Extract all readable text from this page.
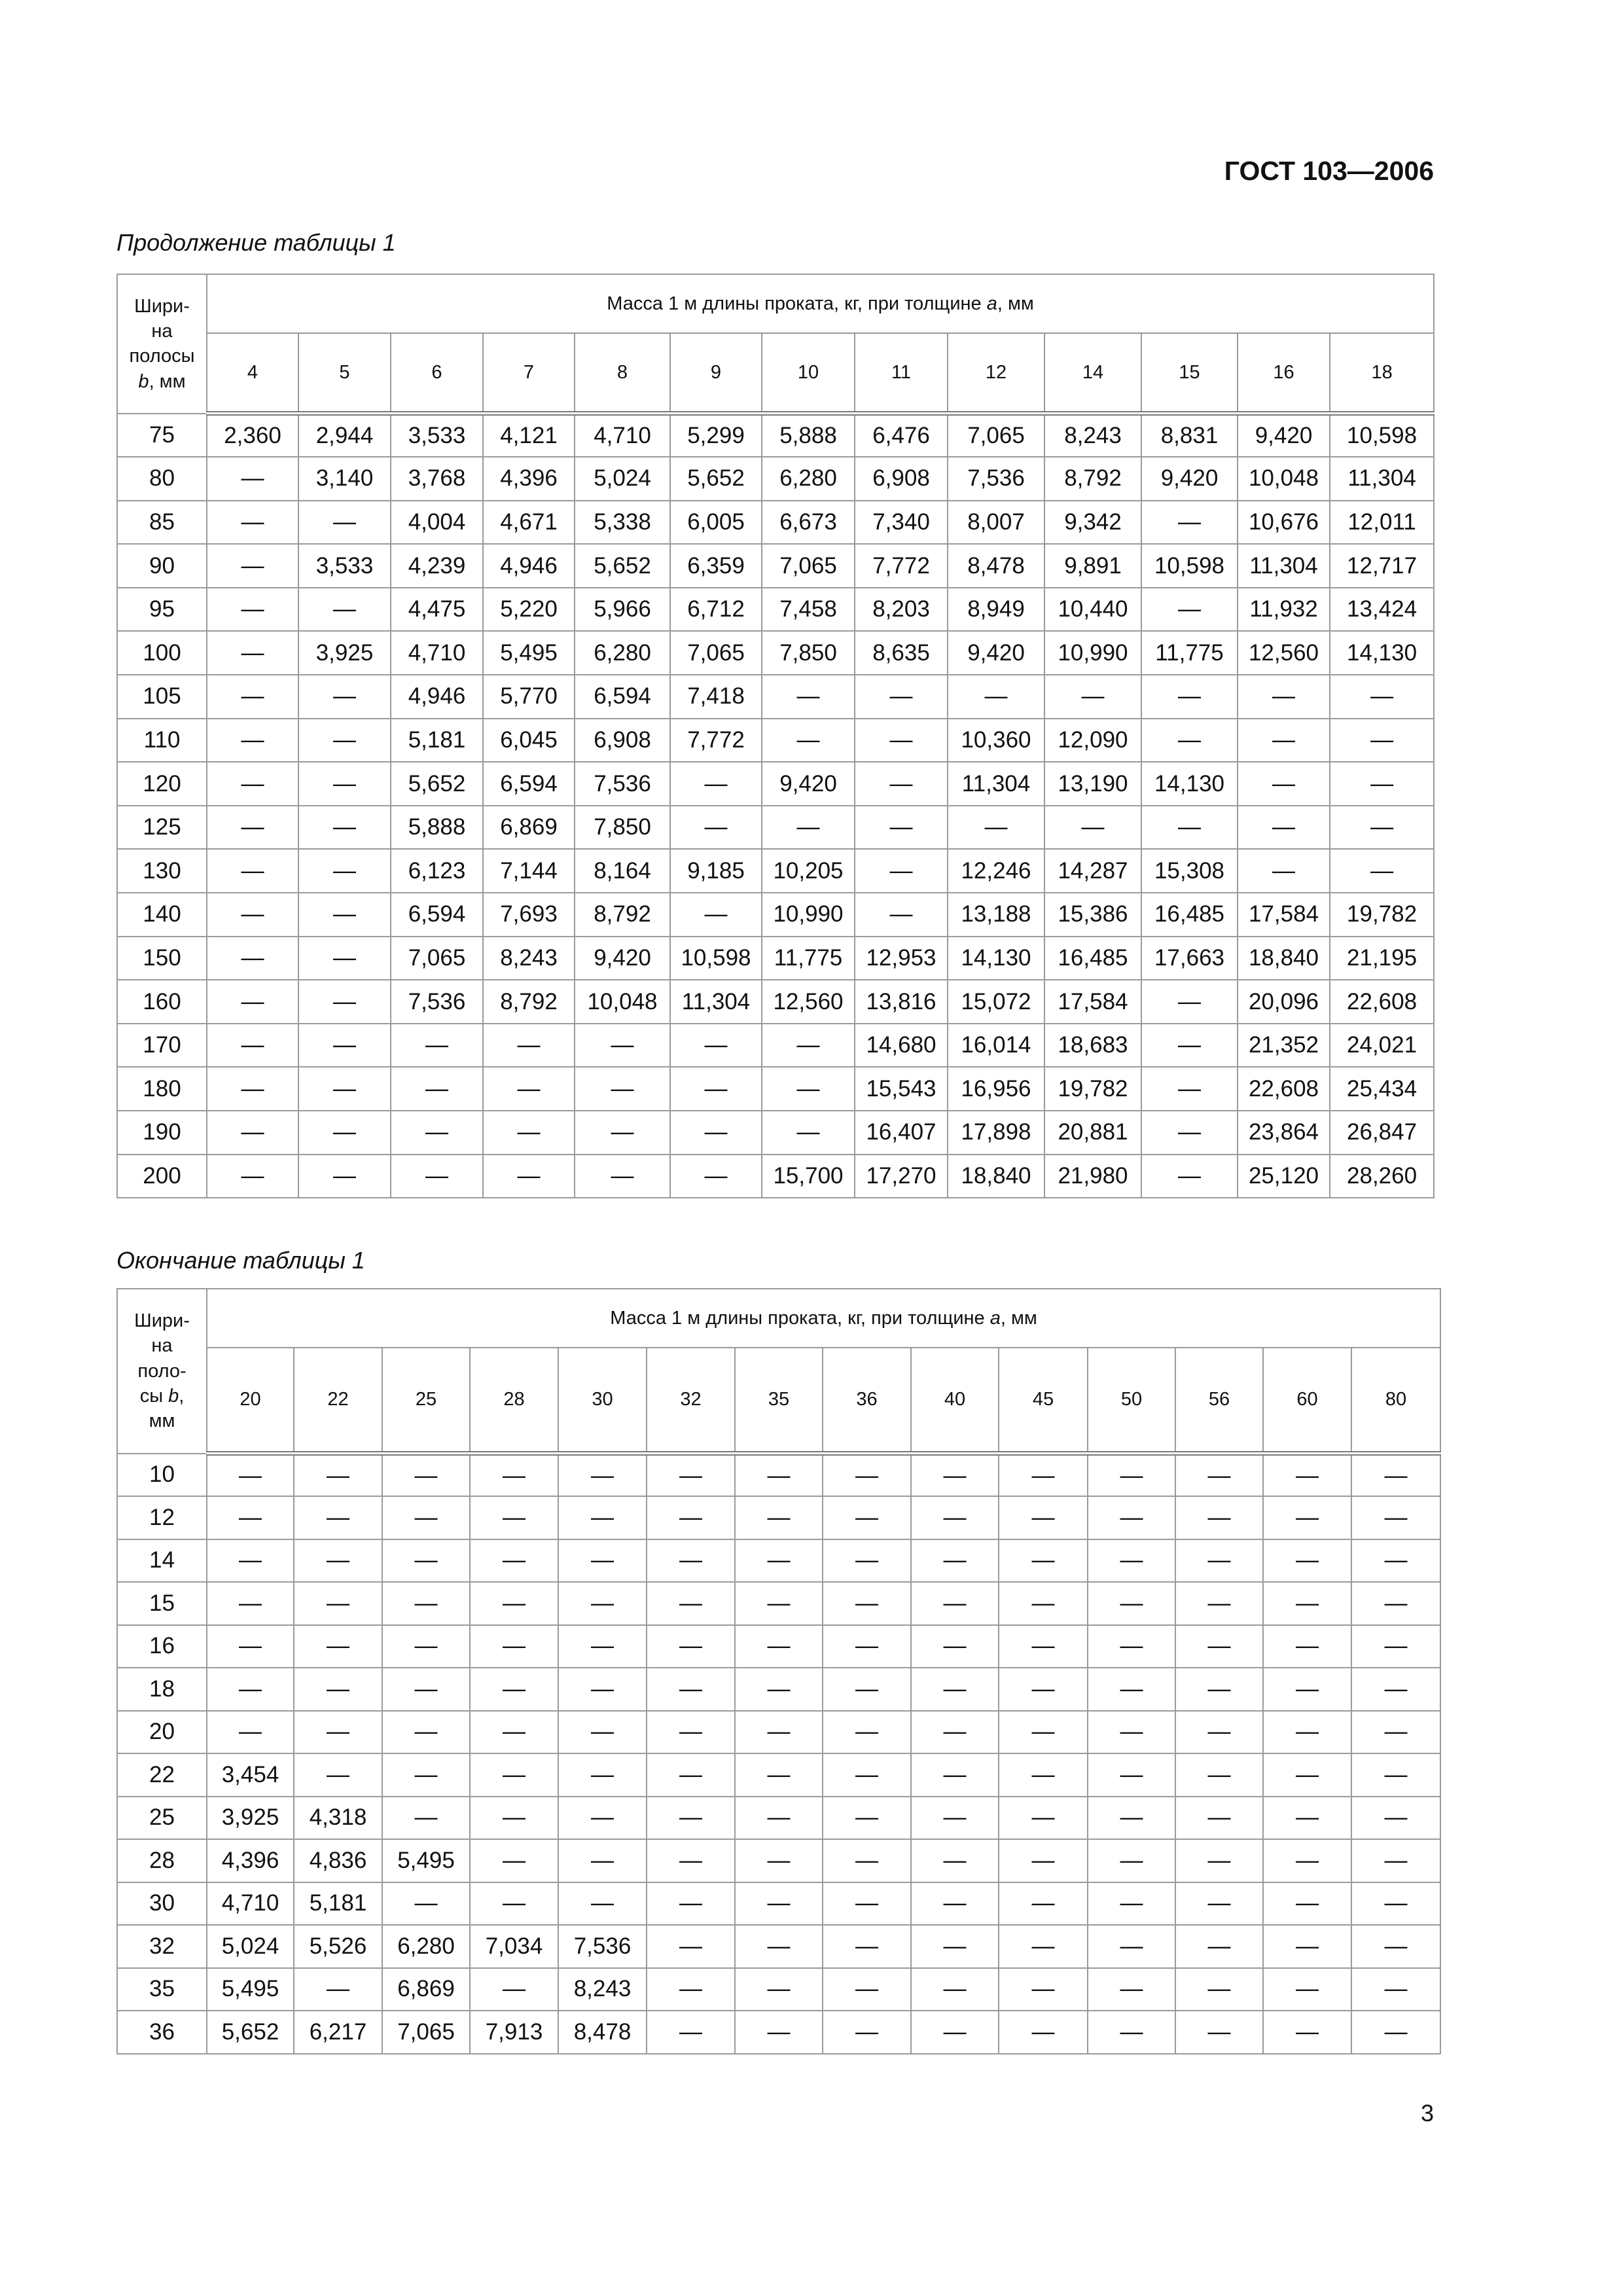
ГОСТ 103—2006
Продолжение таблицы 1
Шири-
на
полосы
b, мм	Масса 1 м длины проката, кг, при толщине a, мм												
	4	5	6	7	8	9	10	11	12	14	15	16	18
75	2,360	2,944	3,533	4,121	4,710	5,299	5,888	6,476	7,065	8,243	8,831	9,420	10,598
80	—	3,140	3,768	4,396	5,024	5,652	6,280	6,908	7,536	8,792	9,420	10,048	11,304
85	—	—	4,004	4,671	5,338	6,005	6,673	7,340	8,007	9,342	—	10,676	12,011
90	—	3,533	4,239	4,946	5,652	6,359	7,065	7,772	8,478	9,891	10,598	11,304	12,717
95	—	—	4,475	5,220	5,966	6,712	7,458	8,203	8,949	10,440	—	11,932	13,424
100	—	3,925	4,710	5,495	6,280	7,065	7,850	8,635	9,420	10,990	11,775	12,560	14,130
105	—	—	4,946	5,770	6,594	7,418	—	—	—	—	—	—	—
110	—	—	5,181	6,045	6,908	7,772	—	—	10,360	12,090	—	—	—
120	—	—	5,652	6,594	7,536	—	9,420	—	11,304	13,190	14,130	—	—
125	—	—	5,888	6,869	7,850	—	—	—	—	—	—	—	—
130	—	—	6,123	7,144	8,164	9,185	10,205	—	12,246	14,287	15,308	—	—
140	—	—	6,594	7,693	8,792	—	10,990	—	13,188	15,386	16,485	17,584	19,782
150	—	—	7,065	8,243	9,420	10,598	11,775	12,953	14,130	16,485	17,663	18,840	21,195
160	—	—	7,536	8,792	10,048	11,304	12,560	13,816	15,072	17,584	—	20,096	22,608
170	—	—	—	—	—	—	—	14,680	16,014	18,683	—	21,352	24,021
180	—	—	—	—	—	—	—	15,543	16,956	19,782	—	22,608	25,434
190	—	—	—	—	—	—	—	16,407	17,898	20,881	—	23,864	26,847
200	—	—	—	—	—	—	15,700	17,270	18,840	21,980	—	25,120	28,260
Окончание таблицы 1
Шири-
на
поло-
сы b,
мм	Масса 1 м длины проката, кг, при толщине a, мм													
	20	22	25	28	30	32	35	36	40	45	50	56	60	80
10	—	—	—	—	—	—	—	—	—	—	—	—	—	—
12	—	—	—	—	—	—	—	—	—	—	—	—	—	—
14	—	—	—	—	—	—	—	—	—	—	—	—	—	—
15	—	—	—	—	—	—	—	—	—	—	—	—	—	—
16	—	—	—	—	—	—	—	—	—	—	—	—	—	—
18	—	—	—	—	—	—	—	—	—	—	—	—	—	—
20	—	—	—	—	—	—	—	—	—	—	—	—	—	—
22	3,454	—	—	—	—	—	—	—	—	—	—	—	—	—
25	3,925	4,318	—	—	—	—	—	—	—	—	—	—	—	—
28	4,396	4,836	5,495	—	—	—	—	—	—	—	—	—	—	—
30	4,710	5,181	—	—	—	—	—	—	—	—	—	—	—	—
32	5,024	5,526	6,280	7,034	7,536	—	—	—	—	—	—	—	—	—
35	5,495	—	6,869	—	8,243	—	—	—	—	—	—	—	—	—
36	5,652	6,217	7,065	7,913	8,478	—	—	—	—	—	—	—	—	—
3
